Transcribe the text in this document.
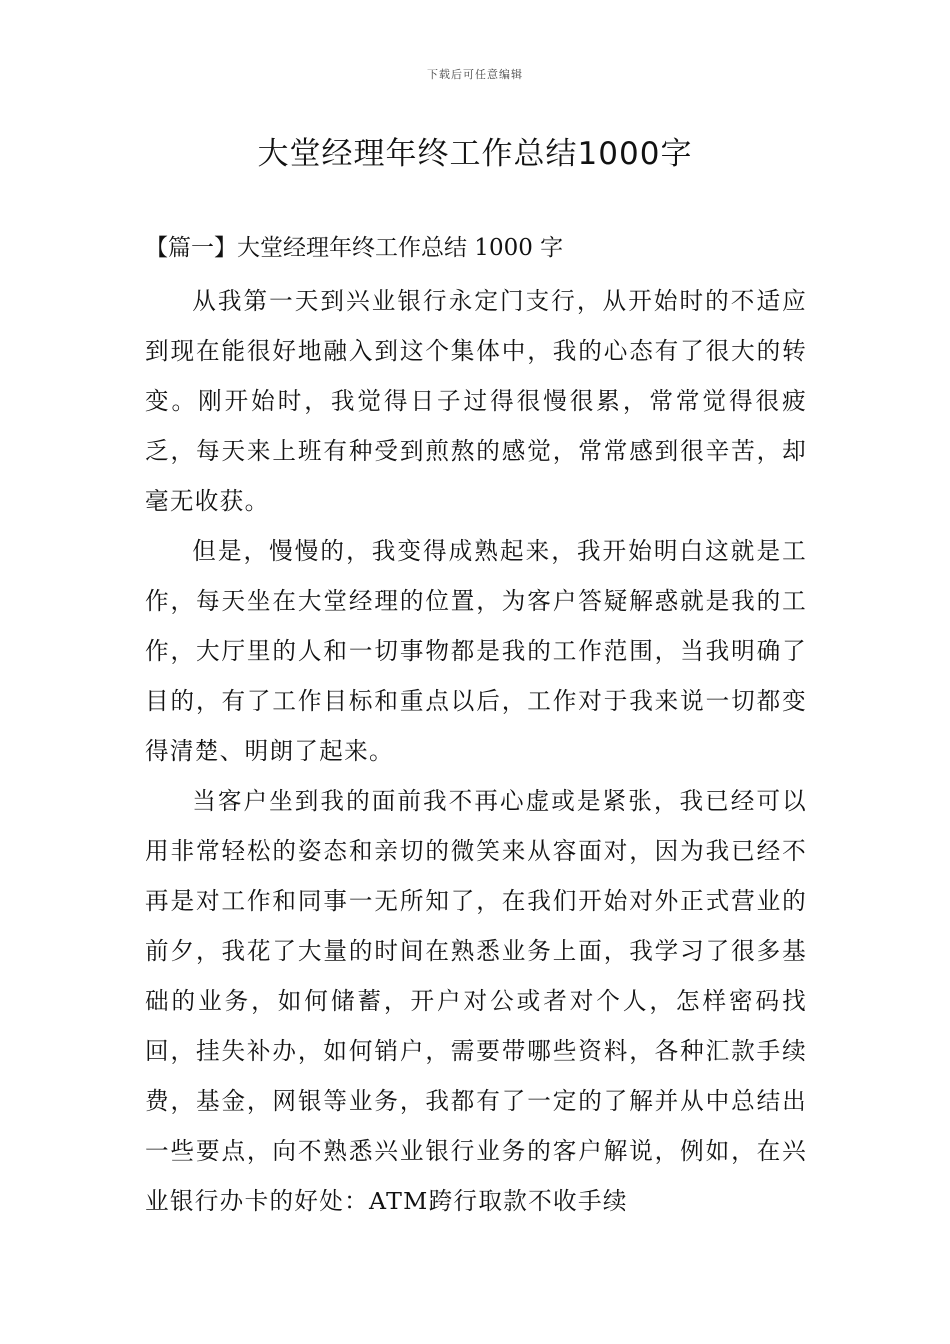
下载后可任意编辑
大堂经理年终工作总结1000字
【篇一】大堂经理年终工作总结 1000 字

从我第一天到兴业银行永定门支行，从开始时的不适应到现在能很好地融入到这个集体中，我的心态有了很大的转变。刚开始时，我觉得日子过得很慢很累，常常觉得很疲乏，每天来上班有种受到煎熬的感觉，常常感到很辛苦，却毫无收获。

但是，慢慢的，我变得成熟起来，我开始明白这就是工作，每天坐在大堂经理的位置，为客户答疑解惑就是我的工作，大厅里的人和一切事物都是我的工作范围，当我明确了目的，有了工作目标和重点以后，工作对于我来说一切都变得清楚、明朗了起来。

当客户坐到我的面前我不再心虚或是紧张，我已经可以用非常轻松的姿态和亲切的微笑来从容面对，因为我已经不再是对工作和同事一无所知了，在我们开始对外正式营业的前夕，我花了大量的时间在熟悉业务上面，我学习了很多基础的业务，如何储蓄，开户对公或者对个人，怎样密码找回，挂失补办，如何销户，需要带哪些资料，各种汇款手续费，基金，网银等业务，我都有了一定的了解并从中总结出一些要点，向不熟悉兴业银行业务的客户解说，例如，在兴业银行办卡的好处：ATM跨行取款不收手续
